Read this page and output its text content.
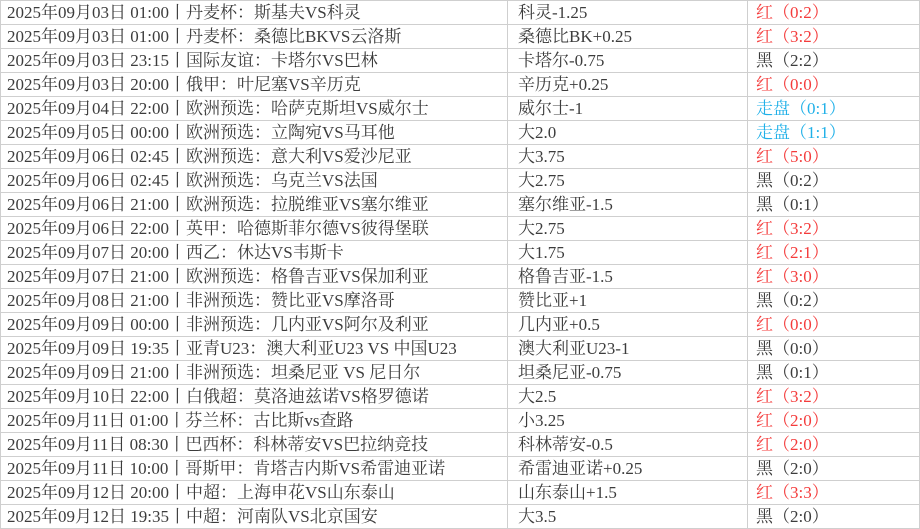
2025年09月03日 01:00丨丹麦杯：斯基夫VS科灵	科灵-1.25	红（0:2）
2025年09月03日 01:00丨丹麦杯：桑德比BKVS云洛斯	桑德比BK+0.25	红（3:2）
2025年09月03日 23:15丨国际友谊：卡塔尔VS巴林	卡塔尔-0.75	黑（2:2）
2025年09月03日 20:00丨俄甲：叶尼塞VS辛历克	辛历克+0.25	红（0:0）
2025年09月04日 22:00丨欧洲预选：哈萨克斯坦VS威尔士	威尔士-1	走盘（0:1）
2025年09月05日 00:00丨欧洲预选：立陶宛VS马耳他	大2.0	走盘（1:1）
2025年09月06日 02:45丨欧洲预选：意大利VS爱沙尼亚	大3.75	红（5:0）
2025年09月06日 02:45丨欧洲预选：乌克兰VS法国	大2.75	黑（0:2）
2025年09月06日 21:00丨欧洲预选：拉脱维亚VS塞尔维亚	塞尔维亚-1.5	黑（0:1）
2025年09月06日 22:00丨英甲：哈德斯菲尔德VS彼得堡联	大2.75	红（3:2）
2025年09月07日 20:00丨西乙：休达VS韦斯卡	大1.75	红（2:1）
2025年09月07日 21:00丨欧洲预选：格鲁吉亚VS保加利亚	格鲁吉亚-1.5	红（3:0）
2025年09月08日 21:00丨非洲预选：赞比亚VS摩洛哥	赞比亚+1	黑（0:2）
2025年09月09日 00:00丨非洲预选：几内亚VS阿尔及利亚	几内亚+0.5	红（0:0）
2025年09月09日 19:35丨亚青U23：澳大利亚U23 VS 中国U23	澳大利亚U23-1	黑（0:0）
2025年09月09日 21:00丨非洲预选：坦桑尼亚 VS 尼日尔	坦桑尼亚-0.75	黑（0:1）
2025年09月10日 22:00丨白俄超：莫洛迪兹诺VS格罗德诺	大2.5	红（3:2）
2025年09月11日 01:00丨芬兰杯：古比斯vs查路	小3.25	红（2:0）
2025年09月11日 08:30丨巴西杯：科林蒂安VS巴拉纳竞技	科林蒂安-0.5	红（2:0）
2025年09月11日 10:00丨哥斯甲：肯塔吉内斯VS希雷迪亚诺	希雷迪亚诺+0.25	黑（2:0）
2025年09月12日 20:00丨中超：上海申花VS山东泰山	山东泰山+1.5	红（3:3）
2025年09月12日 19:35丨中超：河南队VS北京国安	大3.5	黑（2:0）
